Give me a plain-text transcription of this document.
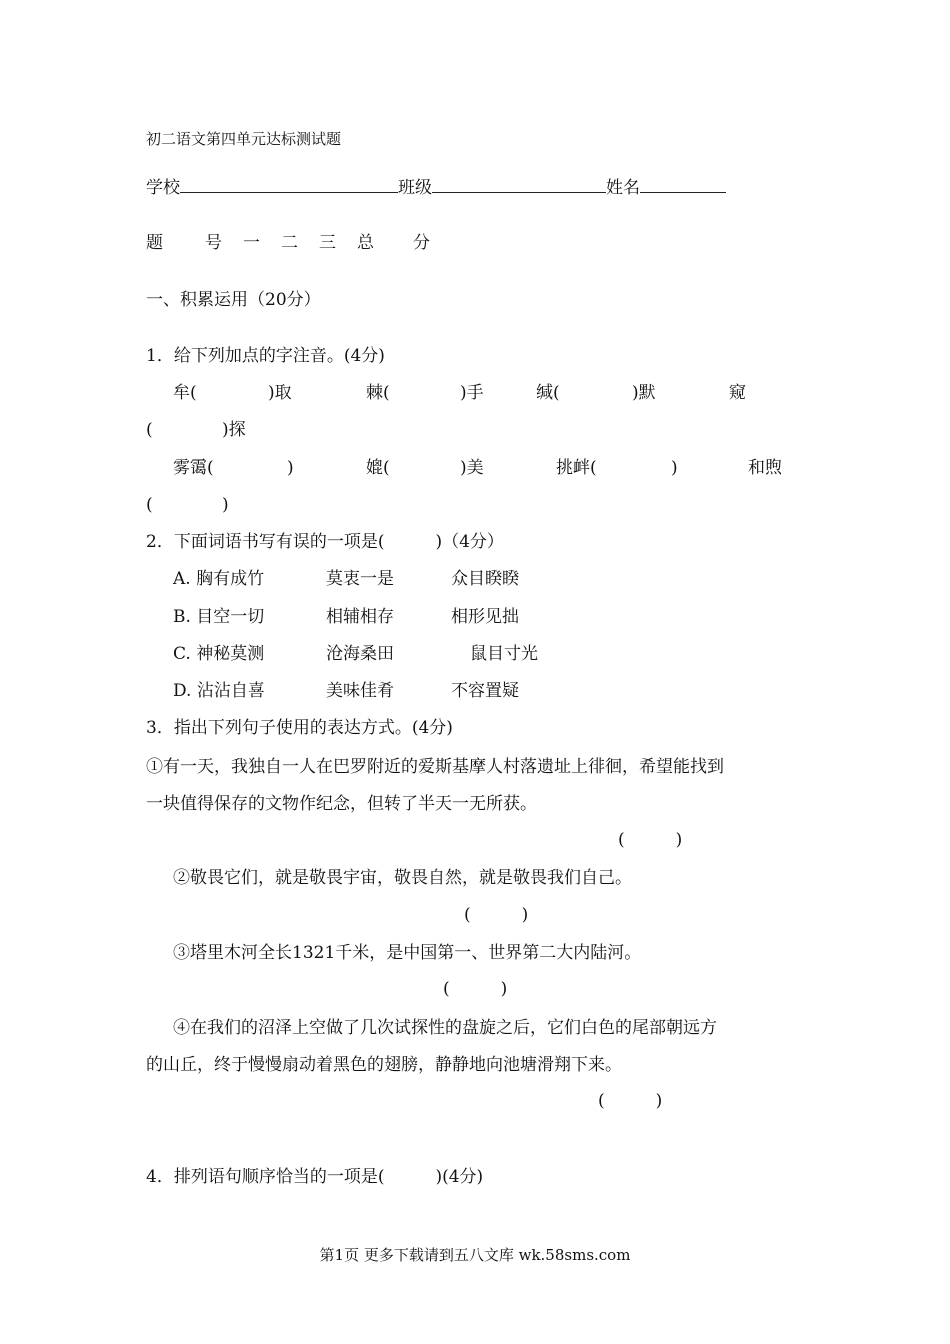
初二语文第四单元达标测试题
学校	班级	姓名
题 号 一 二 三 总 分
一、积累运用（20分）
1．给下列加点的字注音。(4分)
牟(	)取	棘(	)手	缄(	)默	窥
(	)探
雾霭(	)	媲(	)美	挑衅(	)	和煦
(	)
2．下面词语书写有误的一项是(　　　)（4分）
A. 胸有成竹	莫衷一是	众目睽睽
B. 目空一切	相辅相存	相形见拙
C. 神秘莫测	沧海桑田	鼠目寸光
D. 沾沾自喜	美味佳肴	不容置疑
3．指出下列句子使用的表达方式。(4分)
①有一天，我独自一人在巴罗附近的爱斯基摩人村落遗址上徘徊，希望能找到
一块值得保存的文物作纪念，但转了半天一无所获。
(　　　)
②敬畏它们，就是敬畏宇宙，敬畏自然，就是敬畏我们自己。
(　　　)
③塔里木河全长1321千米，是中国第一、世界第二大内陆河。
(　　　)
④在我们的沼泽上空做了几次试探性的盘旋之后，它们白色的尾部朝远方
的山丘，终于慢慢扇动着黑色的翅膀，静静地向池塘滑翔下来。
(　　　)
4．排列语句顺序恰当的一项是(　　　)(4分)
第1页 更多下载请到五八文库 wk.58sms.com
